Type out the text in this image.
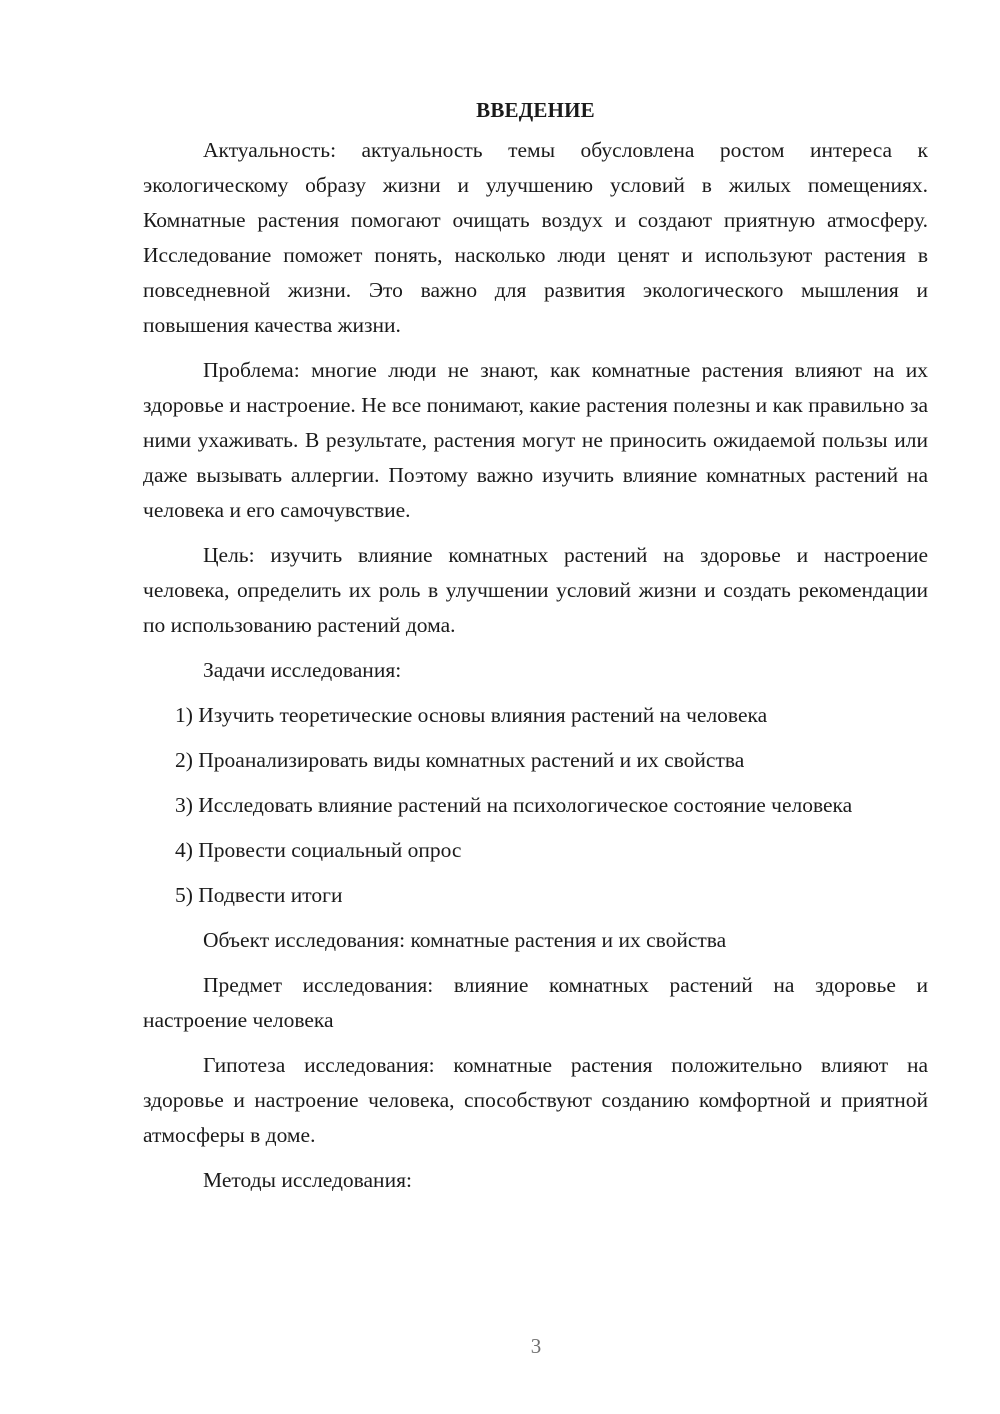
ВВЕДЕНИЕ

Актуальность: актуальность темы обусловлена ростом интереса к экологическому образу жизни и улучшению условий в жилых помещениях. Комнатные растения помогают очищать воздух и создают приятную атмосферу. Исследование поможет понять, насколько люди ценят и используют растения в повседневной жизни. Это важно для развития экологического мышления и повышения качества жизни.

Проблема: многие люди не знают, как комнатные растения влияют на их здоровье и настроение. Не все понимают, какие растения полезны и как правильно за ними ухаживать. В результате, растения могут не приносить ожидаемой пользы или даже вызывать аллергии. Поэтому важно изучить влияние комнатных растений на человека и его самочувствие.

Цель: изучить влияние комнатных растений на здоровье и настроение человека, определить их роль в улучшении условий жизни и создать рекомендации по использованию растений дома.

Задачи исследования:

1) Изучить теоретические основы влияния растений на человека

2) Проанализировать виды комнатных растений и их свойства

3) Исследовать влияние растений на психологическое состояние человека

4) Провести социальный опрос

5) Подвести итоги

Объект исследования: комнатные растения и их свойства

Предмет исследования: влияние комнатных растений на здоровье и настроение человека

Гипотеза исследования: комнатные растения положительно влияют на здоровье и настроение человека, способствуют созданию комфортной и приятной атмосферы в доме.

Методы исследования:

3
